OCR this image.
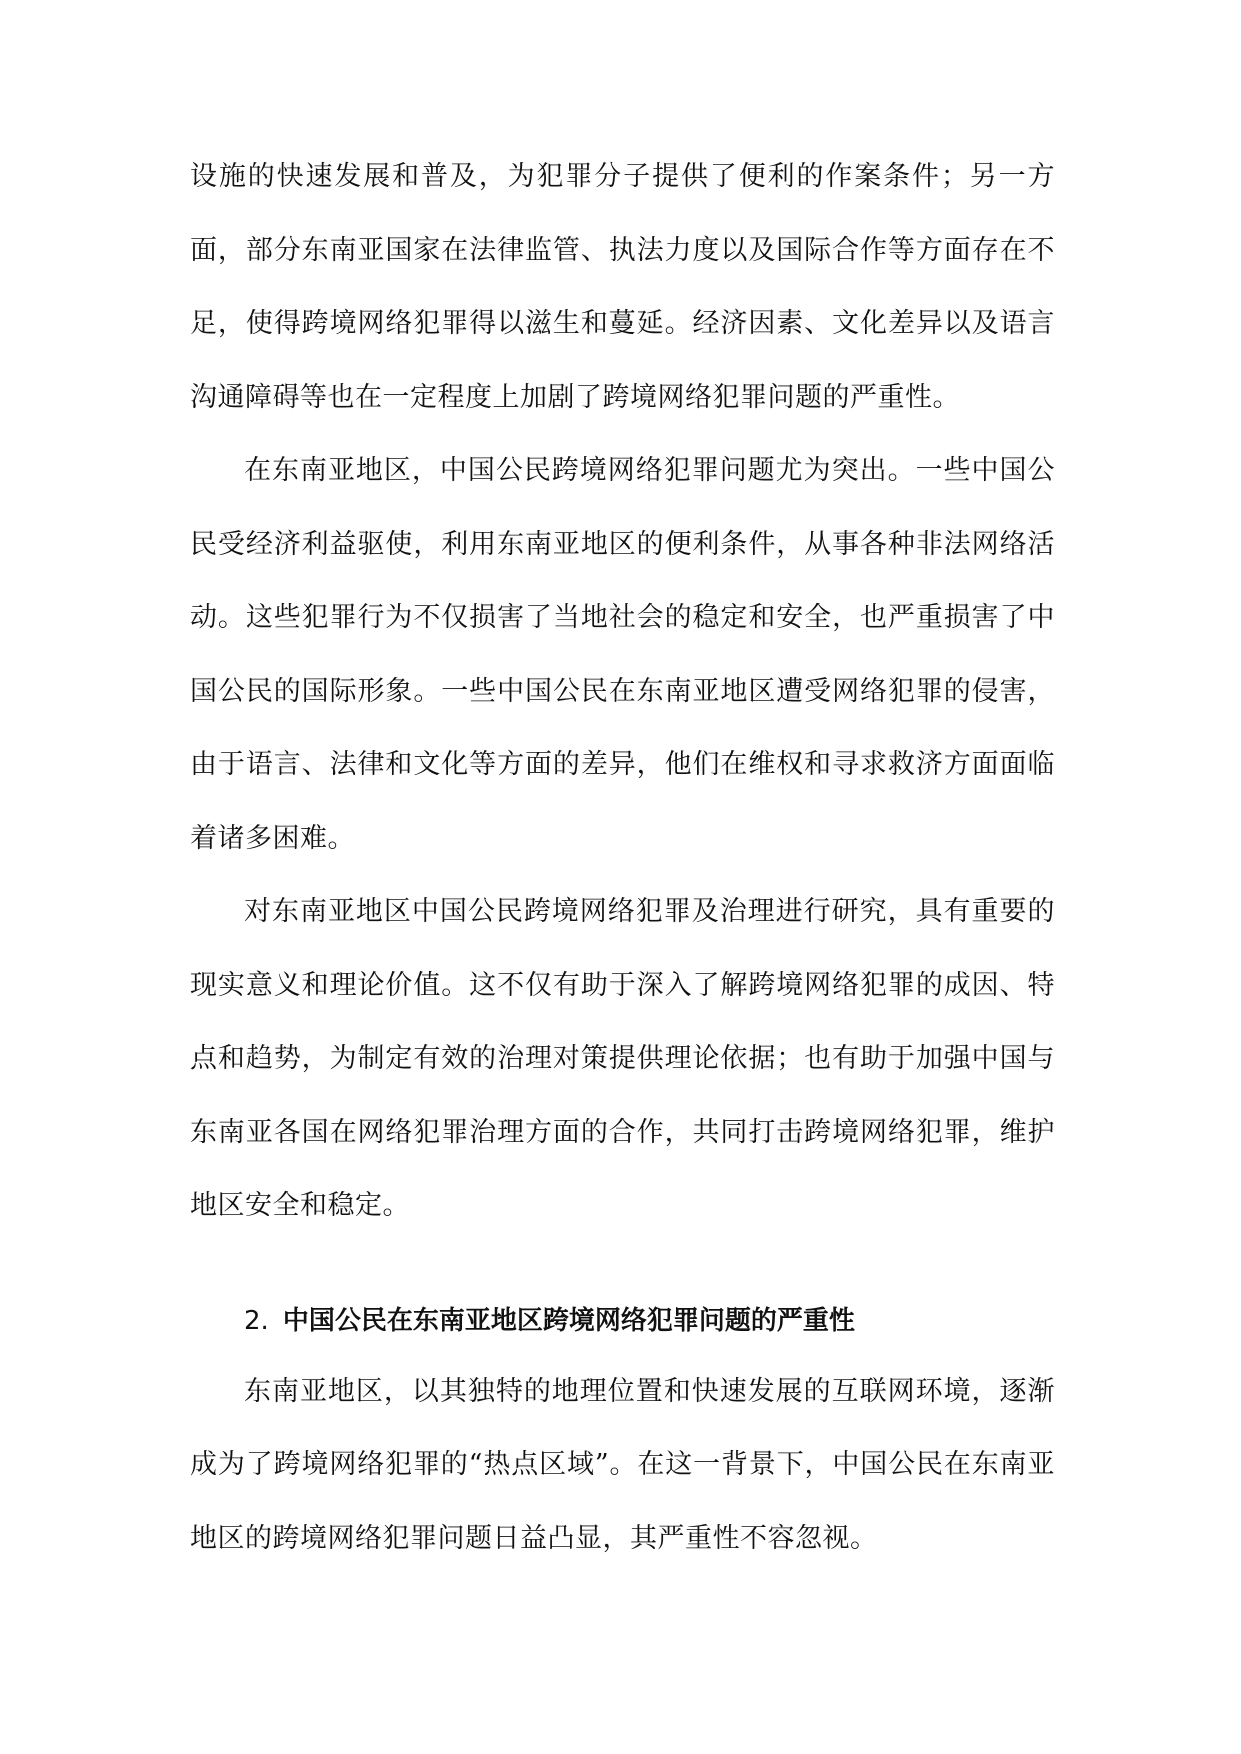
设施的快速发展和普及，为犯罪分子提供了便利的作案条件；另一方面，部分东南亚国家在法律监管、执法力度以及国际合作等方面存在不足，使得跨境网络犯罪得以滋生和蔓延。经济因素、文化差异以及语言沟通障碍等也在一定程度上加剧了跨境网络犯罪问题的严重性。

在东南亚地区，中国公民跨境网络犯罪问题尤为突出。一些中国公民受经济利益驱使，利用东南亚地区的便利条件，从事各种非法网络活动。这些犯罪行为不仅损害了当地社会的稳定和安全，也严重损害了中国公民的国际形象。一些中国公民在东南亚地区遭受网络犯罪的侵害，由于语言、法律和文化等方面的差异，他们在维权和寻求救济方面面临着诸多困难。

对东南亚地区中国公民跨境网络犯罪及治理进行研究，具有重要的现实意义和理论价值。这不仅有助于深入了解跨境网络犯罪的成因、特点和趋势，为制定有效的治理对策提供理论依据；也有助于加强中国与东南亚各国在网络犯罪治理方面的合作，共同打击跨境网络犯罪，维护地区安全和稳定。

2. 中国公民在东南亚地区跨境网络犯罪问题的严重性

东南亚地区，以其独特的地理位置和快速发展的互联网环境，逐渐成为了跨境网络犯罪的“热点区域”。在这一背景下，中国公民在东南亚地区的跨境网络犯罪问题日益凸显，其严重性不容忽视。
